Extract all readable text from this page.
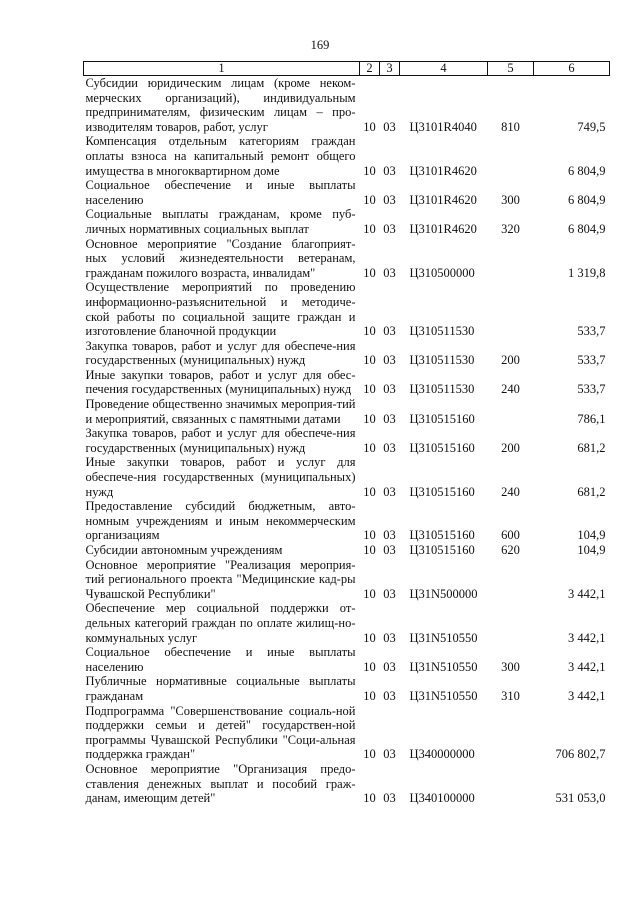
169
1	2	3	4	5	6
Субсидии юридическим лицам (кроме неком-мерческих организаций), индивидуальным предпринимателям, физическим лицам – про-изводителям товаров, работ, услуг	10	03	Ц3101R4040	810	749,5
Компенсация отдельным категориям граждан оплаты взноса на капитальный ремонт общего имущества в многоквартирном доме	10	03	Ц3101R4620		6 804,9
Социальное обеспечение и иные выплаты населению	10	03	Ц3101R4620	300	6 804,9
Социальные выплаты гражданам, кроме пуб-личных нормативных социальных выплат	10	03	Ц3101R4620	320	6 804,9
Основное мероприятие "Создание благоприят-ных условий жизнедеятельности ветеранам, гражданам пожилого возраста, инвалидам"	10	03	Ц310500000		1 319,8
Осуществление мероприятий по проведению информационно-разъяснительной и методиче-ской работы по социальной защите граждан и изготовление бланочной продукции	10	03	Ц310511530		533,7
Закупка товаров, работ и услуг для обеспече-ния государственных (муниципальных) нужд	10	03	Ц310511530	200	533,7
Иные закупки товаров, работ и услуг для обес-печения государственных (муниципальных) нужд	10	03	Ц310511530	240	533,7
Проведение общественно значимых мероприя-тий и мероприятий, связанных с памятными датами	10	03	Ц310515160		786,1
Закупка товаров, работ и услуг для обеспече-ния государственных (муниципальных) нужд	10	03	Ц310515160	200	681,2
Иные закупки товаров, работ и услуг для обеспече-ния государственных (муниципальных) нужд	10	03	Ц310515160	240	681,2
Предоставление субсидий бюджетным, авто-номным учреждениям и иным некоммерческим организациям	10	03	Ц310515160	600	104,9
Субсидии автономным учреждениям	10	03	Ц310515160	620	104,9
Основное мероприятие "Реализация мероприя-тий регионального проекта "Медицинские кад-ры Чувашской Республики"	10	03	Ц31N500000		3 442,1
Обеспечение мер социальной поддержки от-дельных категорий граждан по оплате жилищ-но-коммунальных услуг	10	03	Ц31N510550		3 442,1
Социальное обеспечение и иные выплаты населению	10	03	Ц31N510550	300	3 442,1
Публичные нормативные социальные выплаты гражданам	10	03	Ц31N510550	310	3 442,1
Подпрограмма "Совершенствование социаль-ной поддержки семьи и детей" государствен-ной программы Чувашской Республики "Соци-альная поддержка граждан"	10	03	Ц340000000		706 802,7
Основное мероприятие "Организация предо-ставления денежных выплат и пособий граж-данам, имеющим детей"	10	03	Ц340100000		531 053,0
